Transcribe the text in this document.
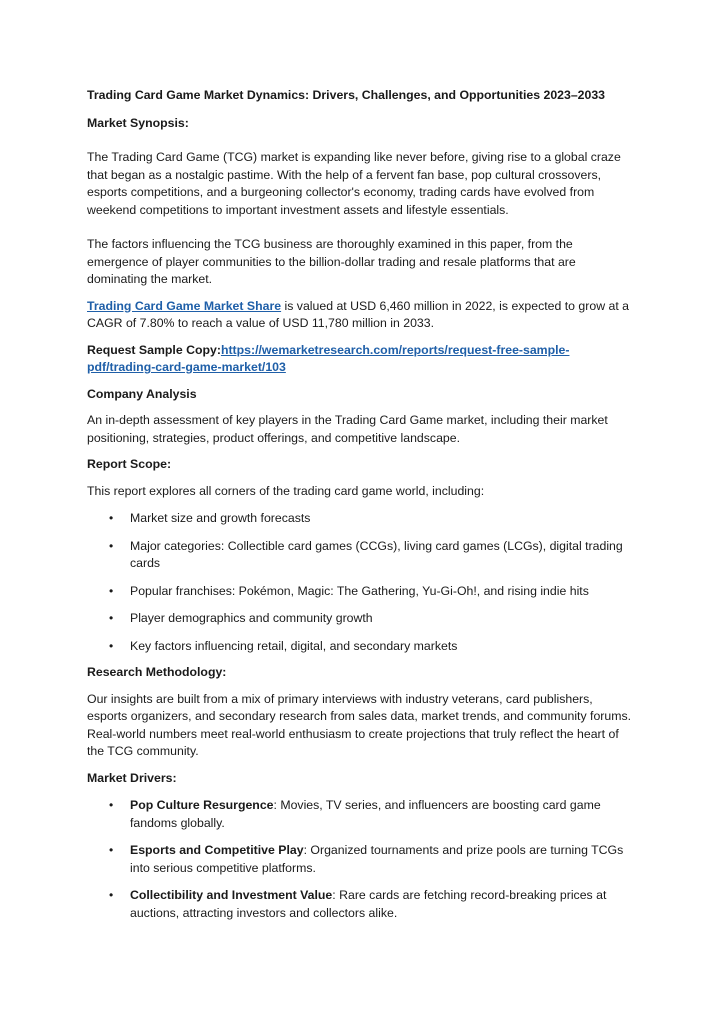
Trading Card Game Market Dynamics: Drivers, Challenges, and Opportunities 2023–2033

Market Synopsis:

The Trading Card Game (TCG) market is expanding like never before, giving rise to a global craze that began as a nostalgic pastime. With the help of a fervent fan base, pop cultural crossovers, esports competitions, and a burgeoning collector's economy, trading cards have evolved from weekend competitions to important investment assets and lifestyle essentials.

The factors influencing the TCG business are thoroughly examined in this paper, from the emergence of player communities to the billion-dollar trading and resale platforms that are dominating the market.

Trading Card Game Market Share is valued at USD 6,460 million in 2022, is expected to grow at a CAGR of 7.80% to reach a value of USD 11,780 million in 2033.

Request Sample Copy:https://wemarketresearch.com/reports/request-free-sample-pdf/trading-card-game-market/103

Company Analysis

An in-depth assessment of key players in the Trading Card Game market, including their market positioning, strategies, product offerings, and competitive landscape.

Report Scope:

This report explores all corners of the trading card game world, including:

• Market size and growth forecasts
• Major categories: Collectible card games (CCGs), living card games (LCGs), digital trading cards
• Popular franchises: Pokémon, Magic: The Gathering, Yu-Gi-Oh!, and rising indie hits
• Player demographics and community growth
• Key factors influencing retail, digital, and secondary markets

Research Methodology:

Our insights are built from a mix of primary interviews with industry veterans, card publishers, esports organizers, and secondary research from sales data, market trends, and community forums. Real-world numbers meet real-world enthusiasm to create projections that truly reflect the heart of the TCG community.

Market Drivers:

• Pop Culture Resurgence: Movies, TV series, and influencers are boosting card game fandoms globally.
• Esports and Competitive Play: Organized tournaments and prize pools are turning TCGs into serious competitive platforms.
• Collectibility and Investment Value: Rare cards are fetching record-breaking prices at auctions, attracting investors and collectors alike.
